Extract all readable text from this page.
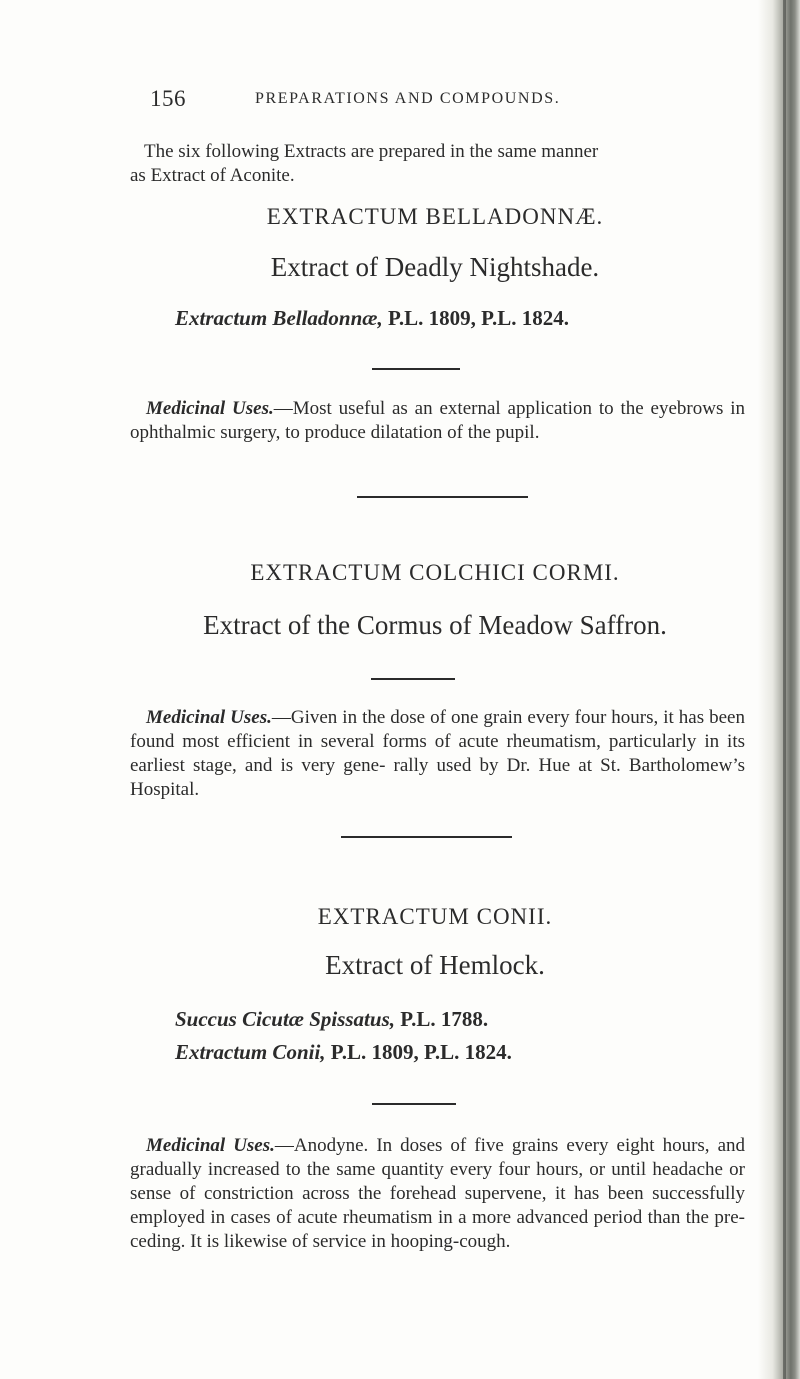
156	PREPARATIONS AND COMPOUNDS.
The six following Extracts are prepared in the same manner
as Extract of Aconite.
EXTRACTUM BELLADONNÆ.
Extract of Deadly Nightshade.
Extractum Belladonnæ, P.L. 1809, P.L. 1824.
Medicinal Uses.—Most useful as an external application to the eyebrows in ophthalmic surgery, to produce dilatation of the pupil.
EXTRACTUM COLCHICI CORMI.
Extract of the Cormus of Meadow Saffron.
Medicinal Uses.—Given in the dose of one grain every four hours, it has been found most efficient in several forms of acute rheumatism, particularly in its earliest stage, and is very gene- rally used by Dr. Hue at St. Bartholomew’s Hospital.
EXTRACTUM CONII.
Extract of Hemlock.
Succus Cicutæ Spissatus, P.L. 1788.
Extractum Conii, P.L. 1809, P.L. 1824.
Medicinal Uses.—Anodyne. In doses of five grains every eight hours, and gradually increased to the same quantity every four hours, or until headache or sense of constriction across the forehead supervene, it has been successfully employed in cases of acute rheumatism in a more advanced period than the pre- ceding. It is likewise of service in hooping-cough.
